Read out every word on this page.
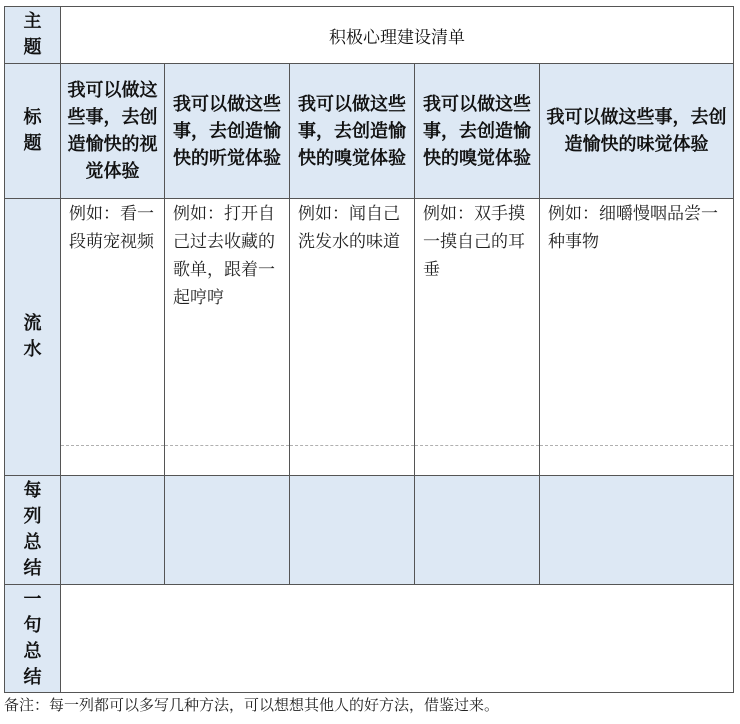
主题	积极心理建设清单				
标题	我可以做这些事，去创造愉快的视觉体验	我可以做这些事，去创造愉快的听觉体验	我可以做这些事，去创造愉快的嗅觉体验	我可以做这些事，去创造愉快的嗅觉体验	我可以做这些事，去创造愉快的味觉体验
流水	例如：看一段萌宠视频	例如：打开自己过去收藏的歌单，跟着一起哼哼	例如：闻自己洗发水的味道	例如：双手摸一摸自己的耳垂	例如：细嚼慢咽品尝一种事物

每列总结					
一句总结					
备注：每一列都可以多写几种方法，可以想想其他人的好方法，借鉴过来。
